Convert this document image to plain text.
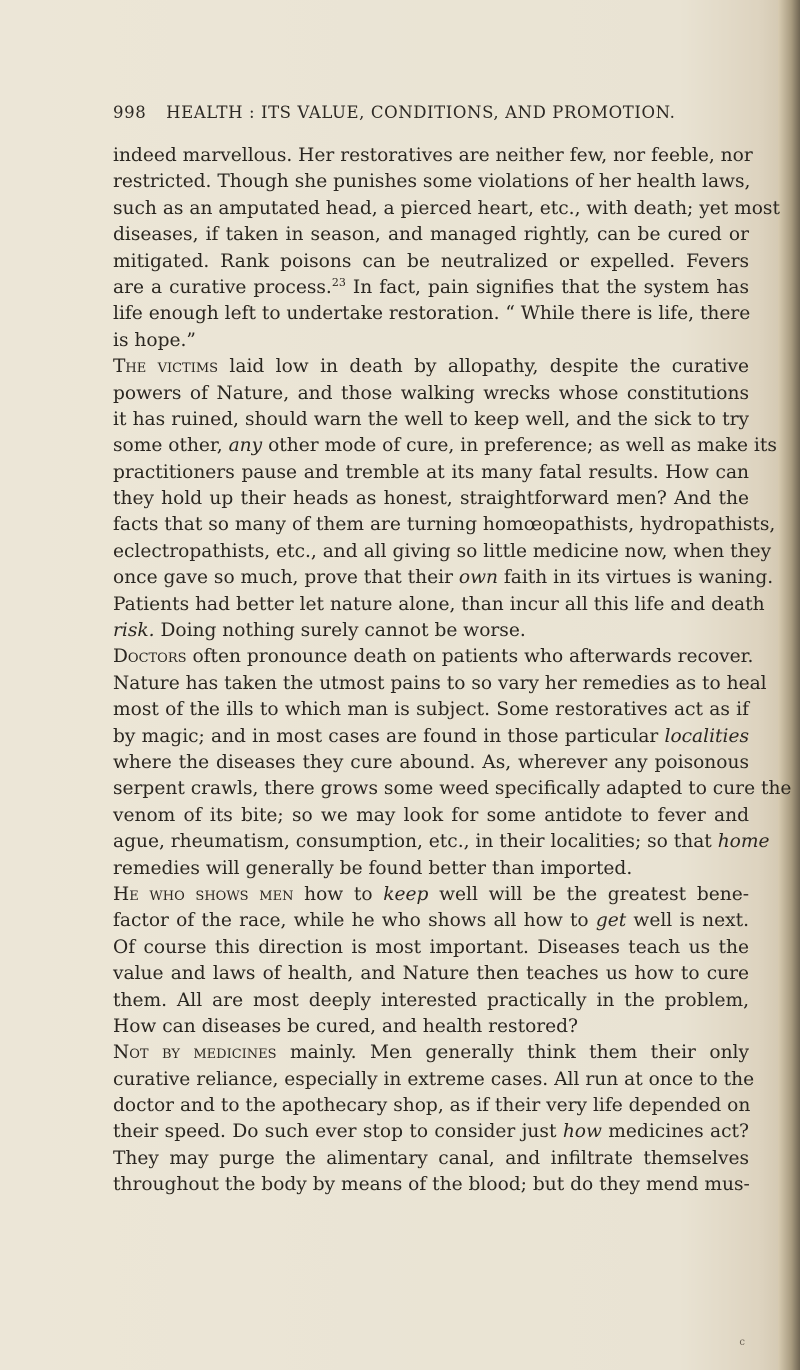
998 HEALTH : ITS VALUE, CONDITIONS, AND PROMOTION.
indeed marvellous. Her restoratives are neither few, nor feeble, nor
restricted. Though she punishes some violations of her health laws,
such as an amputated head, a pierced heart, etc., with death; yet most
diseases, if taken in season, and managed rightly, can be cured or
mitigated. Rank poisons can be neutralized or expelled. Fevers
are a curative process.$^{23}$ In fact, pain signifies that the system has
life enough left to undertake restoration. “ While there is life, there
is hope.”
The victims laid low in death by allopathy, despite the curative
powers of Nature, and those walking wrecks whose constitutions
it has ruined, should warn the well to keep well, and the sick to try
some other, any other mode of cure, in preference; as well as make its
practitioners pause and tremble at its many fatal results. How can
they hold up their heads as honest, straightforward men? And the
facts that so many of them are turning homœopathists, hydropathists,
eclectropathists, etc., and all giving so little medicine now, when they
once gave so much, prove that their own faith in its virtues is waning.
Patients had better let nature alone, than incur all this life and death
risk. Doing nothing surely cannot be worse.
Doctors often pronounce death on patients who afterwards recover.
Nature has taken the utmost pains to so vary her remedies as to heal
most of the ills to which man is subject. Some restoratives act as if
by magic; and in most cases are found in those particular localities
where the diseases they cure abound. As, wherever any poisonous
serpent crawls, there grows some weed specifically adapted to cure the
venom of its bite; so we may look for some antidote to fever and
ague, rheumatism, consumption, etc., in their localities; so that home
remedies will generally be found better than imported.
He who shows men how to keep well will be the greatest bene-
factor of the race, while he who shows all how to get well is next.
Of course this direction is most important. Diseases teach us the
value and laws of health, and Nature then teaches us how to cure
them. All are most deeply interested practically in the problem,
How can diseases be cured, and health restored?
Not by medicines mainly. Men generally think them their only
curative reliance, especially in extreme cases. All run at once to the
doctor and to the apothecary shop, as if their very life depended on
their speed. Do such ever stop to consider just how medicines act?
They may purge the alimentary canal, and infiltrate themselves
throughout the body by means of the blood; but do they mend mus-
c
